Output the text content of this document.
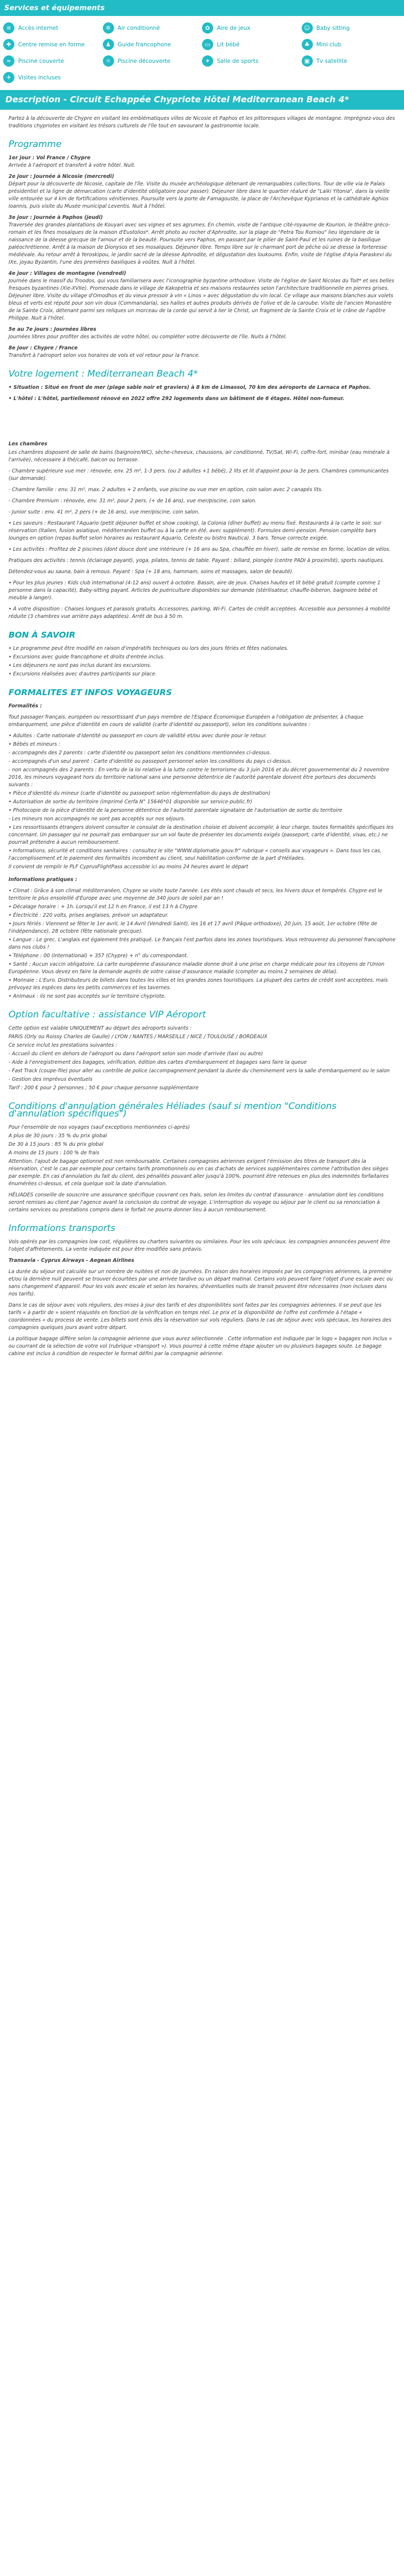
Services et équipements
≋	Accès internet	✲	Air conditionné	✿	Aire de jeux	☺	Baby sitting
✚	Centre remise en forme	♟	Guide francophone	▭	Lit bébé	♣	Mini club
≈	Piscine couverte	☼	Piscine découverte	✦	Salle de sports	▣	Tv satellite
✈	Visites incluses
Description - Circuit Echappée Chypriote Hôtel Mediterranean Beach 4*

Partez à la découverte de Chypre en visitant les emblématiques villes de Nicosie et Paphos et les pittoresques villages de montagne. Imprégnez-vous des traditions chypriotes en visitant les trésors culturels de l'île tout en savourant la gastronomie locale.

Programme
1er jour : Vol France / Chypre

Arrivée à l'aéroport et transfert à votre hôtel. Nuit.

2e jour : Journée à Nicosie (mercredi)

Départ pour la découverte de Nicosie, capitale de l'île. Visite du musée archéologique détenant de remarquables collections. Tour de ville via le Palais présidentiel et la ligne de démarcation (carte d'identité obligatoire pour passer). Déjeuner libre dans le quartier réaluré de "Laiki Yitonia", dans la vieille ville entourée sur 4 km de fortifications vénitiennes. Poursuite vers la porte de Famagouste, la place de l'Archevêque Kyprianos et la cathédrale Aghios Ioannis, puis visite du Musée municipal Leventis. Nuit à l'hôtel.

3e jour : Journée à Paphos (jeudi)

Traversée des grandes plantations de Kouyari avec ses vignes et ses agrumes. En chemin, visite de l'antique cité-royaume de Kourion, le théâtre gréco-romain et les fines mosaïques de la maison d'Eustolios*. Arrêt photo au rocher d'Aphrodite, sur la plage de "Petra Tou Romiou" lieu légendaire de la naissance de la déesse grecque de l'amour et de la beauté. Poursuite vers Paphos, en passant par le pilier de Saint-Paul et les ruines de la basilique paléochrétienne. Arrêt à la maison de Dionysos et ses mosaïques. Déjeuner libre. Temps libre sur le charmant port de pêche où se dresse la forteresse médiévale. Au retour arrêt à Yeroskipou, le jardin sacré de la déesse Aphrodite, et dégustation des loukoums. Enfin, visite de l'église d'Ayia Paraskevi du IXe, joyau Byzantin, l'une des premières basiliques à voûtes. Nuit à l'hôtel.

4e jour : Villages de montagne (vendredi)

Journée dans le massif du Troodos, qui vous familiarisera avec l'iconographie byzantine orthodoxe. Visite de l'église de Saint Nicolas du Toit* et ses belles fresques byzantines (Xie-XVIIe). Promenade dans le village de Kakopetria et ses maisons restaurées selon l'architecture traditionnelle en pierres grises. Déjeuner libre. Visite du village d'Omodhos et du vieux pressoir à vin « Linos » avec dégustation du vin local. Ce village aux maisons blanches aux volets bleus et verts est réputé pour son vin doux (Commandaria), ses halles et autres produits dérivés de l'olive et de la caroube. Visite de l'ancien Monastère de la Sainte Croix, détenant parmi ses reliques un morceau de la corde qui servit à lier le Christ, un fragment de la Sainte Croix et le crâne de l'apôtre Philippe. Nuit à l'hôtel.

5e au 7e jours : Journées libres

Journées libres pour profiter des activités de votre hôtel, ou compléter votre découverte de l'île. Nuits à l'hôtel.

8e jour : Chypre / France

Transfert à l'aéroport selon vos horaires de vols et vol retour pour la France.

Votre logement : Mediterranean Beach 4*

• Situation : Situé en front de mer (plage sable noir et graviers) à 8 km de Limassol, 70 km des aéroports de Larnaca et Paphos.

• L'hôtel : L'hôtel, partiellement rénové en 2022 offre 292 logements dans un bâtiment de 6 étages. Hôtel non-fumeur.

Les chambres

Les chambres disposent de salle de bains (baignoire/WC), sèche-cheveux, chaussons, air conditionné, TV/Sat, Wi-Fi, coffre-fort, minibar (eau minérale à l'arrivée), nécessaire à thé/café, balcon ou terrasse.

- Chambre supérieure vue mer : rénovée, env. 25 m², 1-3 pers. (ou 2 adultes +1 bébé), 2 lits et lit d'appoint pour la 3e pers. Chambres communicantes (sur demande).

- Chambre famille : env. 31 m², max. 2 adultes + 2 enfants, vue piscine ou vue mer en option, coin salon avec 2 canapés lits.

- Chambre Premium : rénovée, env. 31 m², pour 2 pers. (+ de 16 ans), vue mer/piscine, coin salon.

- Junior suite : env. 41 m², 2 pers (+ de 16 ans), vue mer/piscine, coin salon.

• Les saveurs : Restaurant l'Aquario (petit déjeuner buffet et show cooking), la Colonia (dîner buffet) au menu fixé. Restaurants à la carte le soir, sur réservation (Italien, fusion asiatique, méditerranéen buffet ou à la carte en été, avec supplément). Formules demi-pension. Pension complète bars lounges en option (repas buffet selon horaires au restaurant Aquario, Celeste ou bistro Nautica). 3 bars. Tenue correcte exigée.

• Les activités : Profitez de 2 piscines (dont douce dont une intérieure (+ 16 ans au Spa, chauffée en hiver), salle de remise en forme, location de vélos.

Pratiques des activités : tennis (éclairage payant), yoga, pilates, tennis de table. Payant : billard, plongée (centre PADI à proximité), sports nautiques.

Détendez-vous au sauna, bain à remous. Payant : Spa (+ 18 ans, hammam, soins et massages, salon de beauté).

• Pour les plus jeunes : Kids club international (4-12 ans) ouvert à octobre. Bassin, aire de jeux. Chaises hautes et lit bébé gratuit (compte comme 1 personne dans la capacité), Baby-sitting payant. Articles de puériculture disponibles sur demande (stérilisateur, chauffe-biberon, baignoire bébé et meuble à langer).

• À votre disposition : Chaises longues et parasols gratuits. Accessoires, parking, Wi-Fi. Cartes de crédit acceptées. Accessible aux personnes à mobilité réduite (3 chambres vue arrière pays adaptées). Arrêt de bus à 50 m.

BON À SAVOIR

• Le programme peut être modifié en raison d'impératifs techniques ou lors des jours fériés et fêtes nationales.

• Excursions avec guide francophone et droits d'entrée inclus.

• Les déjeuners ne sont pas inclus durant les excursions.

• Excursions réalisées avec d'autres participants sur place.

FORMALITES ET INFOS VOYAGEURS

Formalités :

Tout passager français, européen ou ressortissant d'un pays membre de l'Espace Économique Européen a l'obligation de présenter, à chaque embarquement, une pièce d'identité en cours de validité (carte d'identité ou passeport), selon les conditions suivantes :

• Adultes : Carte nationale d'identité ou passeport en cours de validité et/ou avec durée pour le retour.

• Bébés et mineurs :

- accompagnés des 2 parents : carte d'identité ou passeport selon les conditions mentionnées ci-dessus.

- accompagnés d'un seul parent : Carte d'identité ou passeport personnel selon les conditions du pays ci-dessus.

- non accompagnés des 2 parents : En vertu de la loi relative à la lutte contre le terrorisme du 3 juin 2016 et du décret gouvernemental du 2 novembre 2016, les mineurs voyageant hors du territoire national sans une personne détentrice de l'autorité parentale doivent être porteurs des documents suivants :

• Pièce d'identité du mineur (carte d'identité ou passeport selon réglementation du pays de destination)

• Autorisation de sortie du territoire (imprimé Cerfa N° 15646*01 disponible sur service-public.fr)

• Photocopie de la pièce d'identité de la personne détentrice de l'autorité parentale signataire de l'autorisation de sortie du territoire

- Les mineurs non accompagnés ne sont pas acceptés sur nos séjours.

• Les ressortissants étrangers doivent consulter le consulat de la destination choisie et doivent accomplir, à leur charge, toutes formalités spécifiques les concernant. Un passager qui ne pourrait pas embarquer sur un vol faute de présenter les documents exigés (passeport, carte d'identité, visas, etc.) ne pourrait prétendre à aucun remboursement.

• Informations, sécurité et conditions sanitaires : consultez le site "WWW.diplomatie.gouv.fr" rubrique « conseils aux voyageurs ». Dans tous les cas, l'accomplissement et le paiement des formalités incombent au client, seul habilitation conforme de la part d'Héliades.

Il convient de remplir le PLF CyprusFlightPass accessible ici au moins 24 heures avant le départ

Informations pratiques :

• Climat : Grâce à son climat méditerranéen, Chypre se visite toute l'année. Les étés sont chauds et secs, les hivers doux et tempérés. Chypre est le territoire le plus ensoleillé d'Europe avec une moyenne de 340 jours de soleil par an !

• Décalage horaire : + 1h. Lorsqu'il est 12 h en France, il est 13 h à Chypre

• Électricité : 220 volts, prises anglaises, prévoir un adaptateur.

• Jours fériés : Viennent se fêter le 1er avril, le 14 Avril (Vendredi Saint), les 16 et 17 avril (Pâque orthodoxe), 20 juin, 15 août, 1er octobre (fête de l'indépendance), 28 octobre (fête nationale grecque).

• Langue : Le grec. L'anglais est également très pratiqué. Le français l'est parfois dans les zones touristiques. Vous retrouverez du personnel francophone dans nos clubs !

• Téléphone : 00 (International) + 357 (Chypre) + n° du correspondant.

• Santé : Aucun vaccin obligatoire. La carte européenne d'assurance maladie donne droit à une prise en charge médicale pour les citoyens de l'Union Européenne. Vous devez en faire la demande auprès de votre caisse d'assurance maladie (compter au moins 2 semaines de délai).

• Monnaie : L'Euro. Distributeurs de billets dans toutes les villes et les grandes zones touristiques. La plupart des cartes de crédit sont acceptées, mais prévoyez les espèces dans les petits commerces et les tavernes.

• Animaux : ils ne sont pas acceptés sur le territoire chypriote.

Option facultative : assistance VIP Aéroport

Cette option est valable UNIQUEMENT au départ des aéroports suivants :

PARIS (Orly ou Roissy Charles de Gaulle) / LYON / NANTES / MARSEILLE / NICE / TOULOUSE / BORDEAUX

Ce service inclut les prestations suivantes :

- Accueil du client en dehors de l'aéroport ou dans l'aéroport selon son mode d'arrivée (taxi ou autre)

- Aide à l'enregistrement des bagages, vérification, édition des cartes d'embarquement et bagages sans faire la queue

- Fast Track (coupe-file) pour aller au contrôle de police (accompagnement pendant la durée du cheminement vers la salle d'embarquement ou le salon

- Gestion des imprévus éventuels

Tarif : 200 € pour 2 personnes ; 50 € pour chaque personne supplémentaire

Conditions d'annulation générales Héliades (sauf si mention "Conditions d'annulation spécifiques")

Pour l'ensemble de nos voyages (sauf exceptions mentionnées ci-après)

A plus de 30 jours : 35 % du prix global

De 30 à 15 jours : 85 % du prix global

A moins de 15 jours : 100 % de frais

Attention, l'ajout de bagage optionnel est non remboursable. Certaines compagnies aériennes exigent l'émission des titres de transport dès la réservation, c'est le cas par exemple pour certains tarifs promotionnels ou en cas d'achats de services supplémentaires comme l'attribution des sièges par exemple. En cas d'annulation du fait du client, des pénalités pouvant aller jusqu'à 100%, pourront être retenues en plus des indemnités forfaitaires énumérées ci-dessus, et cela quelque soit la date d'annulation.

HÉLIADES conseille de souscrire une assurance spécifique couvrant ces frais, selon les limites du contrat d'assurance - annulation dont les conditions seront remises au client par l'agence avant la conclusion du contrat de voyage. L'interruption du voyage ou séjour par le client ou sa renonciation à certains services ou prestations compris dans le forfait ne pourra donner lieu à aucun remboursement.

Informations transports

Vols opérés par les compagnies low cost, régulières ou charters suivantes ou similaires. Pour les vols spéciaux, les compagnies annoncées peuvent être l'objet d'affrètements. La vente indiquée est pour être modifiée sans préavis.

Transavia - Cyprus Airways - Aegean Airlines

La durée du séjour est calculée sur un nombre de nuitées et non de journées. En raison des horaires imposés par les compagnies aériennes, la première et/ou la dernière nuit peuvent se trouver écourtées par une arrivée tardive ou un départ matinal. Certains vols peuvent faire l'objet d'une escale avec ou sans changement d'appareil. Pour les vols avec escale et selon les horaires, d'éventuelles nuits de transit peuvent être nécessaires (non incluses dans nos tarifs).

Dans le cas de séjour avec vols réguliers, des mises à jour des tarifs et des disponibilités sont faites par les compagnies aériennes. Il se peut que les tarifs « à partir de » soient réajustés en fonction de la vérification en temps réel. Le prix et la disponibilité de l'offre est confirmée à l'étape « coordonnées » du process de vente. Les billets sont émis dès la réservation sur vols réguliers. Dans le cas de séjour avec vols spéciaux, les horaires des compagnies quelques jours avant votre départ.

La politique bagage diffère selon la compagnie aérienne que vous aurez sélectionnée . Cette information est indiquée par le logo « bagages non inclus » ou courrant de la sélection de votre vol (rubrique «transport »). Vous pourrez à cette même étape ajouter un ou plusieurs bagages soute. Le bagage cabine est inclus à condition de respecter le format défini par la compagnie aérienne.
